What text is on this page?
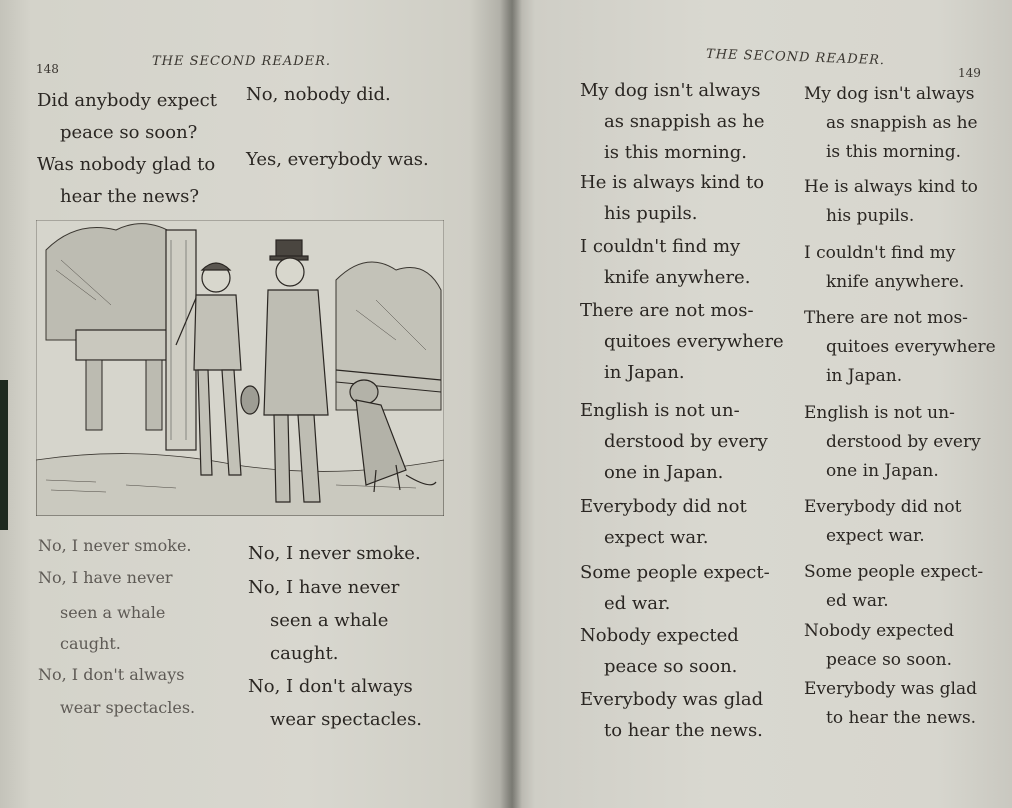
148	THE SECOND READER.
Did anybody expect
peace so soon?
No, nobody did.
Was nobody glad to
hear the news?
Yes, everybody was.
No, I never smoke.	No, I never smoke.
No, I have never
seen a whale
caught.
No, I have never
seen a whale
caught.
No, I don't always
wear spectacles.
No, I don't always
wear spectacles.
THE SECOND READER.
149
My dog isn't always
as snappish as he
is this morning.
My dog isn't always
as snappish as he
is this morning.
He is always kind to
his pupils.
He is always kind to
his pupils.
I couldn't find my
knife anywhere.
I couldn't find my
knife anywhere.
There are not mos-
quitoes everywhere
in Japan.
There are not mos-
quitoes everywhere
in Japan.
English is not un-
derstood by every
one in Japan.
English is not un-
derstood by every
one in Japan.
Everybody did not
expect war.
Everybody did not
expect war.
Some people expect-
ed war.
Some people expect-
ed war.
Nobody expected
peace so soon.
Nobody expected
peace so soon.
Everybody was glad
to hear the news.
Everybody was glad
to hear the news.
